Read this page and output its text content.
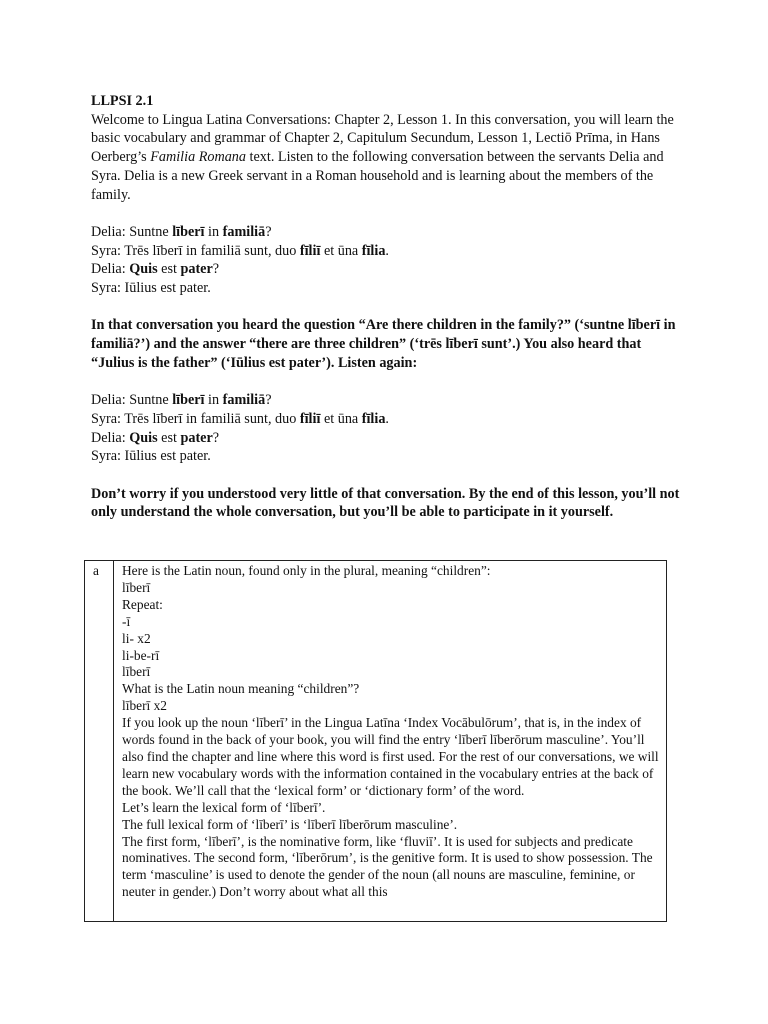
LLPSI 2.1

Welcome to Lingua Latina Conversations: Chapter 2, Lesson 1. In this conversation, you will learn the basic vocabulary and grammar of Chapter 2, Capitulum Secundum, Lesson 1, Lectiō Prīma, in Hans Oerberg’s Familia Romana text. Listen to the following conversation between the servants Delia and Syra. Delia is a new Greek servant in a Roman household and is learning about the members of the family.

Delia: Suntne līberī in familiā?

Syra: Trēs līberī in familiā sunt, duo fīliī et ūna fīlia.

Delia: Quis est pater?

Syra: Iūlius est pater.

In that conversation you heard the question “Are there children in the family?” (‘suntne līberī in familiā?’) and the answer “there are three children” (‘trēs līberī sunt’.) You also heard that “Julius is the father” (‘Iūlius est pater’). Listen again:

Delia: Suntne līberī in familiā?

Syra: Trēs līberī in familiā sunt, duo fīliī et ūna fīlia.

Delia: Quis est pater?

Syra: Iūlius est pater.

Don’t worry if you understood very little of that conversation. By the end of this lesson, you’ll not only understand the whole conversation, but you’ll be able to participate in it yourself.

a	Here is the Latin noun, found only in the plural, meaning “children”:
līberī
Repeat:
-ī
li- x2
li-be-rī
līberī
What is the Latin noun meaning “children”?
līberī x2
If you look up the noun ‘līberī’ in the Lingua Latīna ‘Index Vocābulōrum’, that is, in the index of words found in the back of your book, you will find the entry ‘līberī līberōrum masculine’. You’ll also find the chapter and line where this word is first used. For the rest of our conversations, we will learn new vocabulary words with the information contained in the vocabulary entries at the back of the book. We’ll call that the ‘lexical form’ or ‘dictionary form’ of the word.
Let’s learn the lexical form of ‘līberī’.
The full lexical form of ‘līberī’ is ‘līberī līberōrum masculine’.
The first form, ‘līberī’, is the nominative form, like ‘fluviī’. It is used for subjects and predicate nominatives. The second form, ‘līberōrum’, is the genitive form. It is used to show possession. The term ‘masculine’ is used to denote the gender of the noun (all nouns are masculine, feminine, or neuter in gender.) Don’t worry about what all this
